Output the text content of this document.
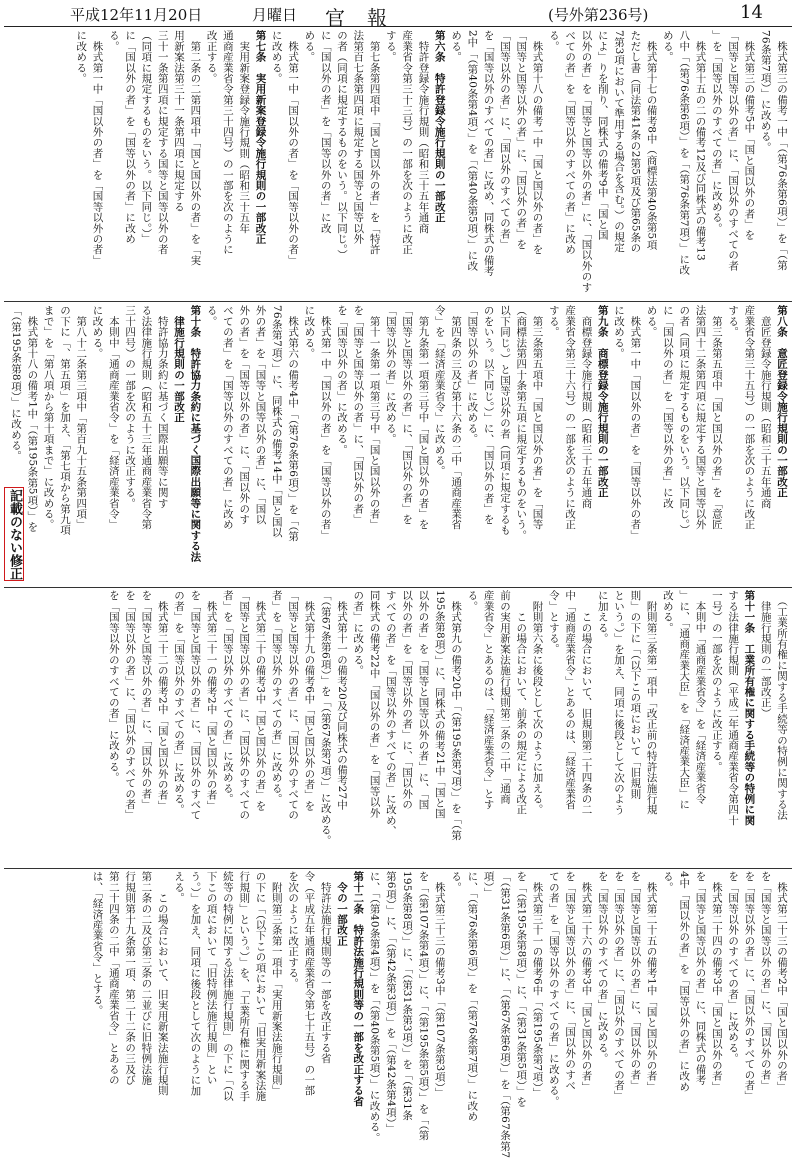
平成12年11月20日	月曜日 官報	(号外第236号)	14
　株式第三の備考一中「（第76条第6項）」を「（第
76条第7項）」に改める。
　株式第三の備考5中「国と国以外の者」を
「国等と国等以外の者」に、「国以外のすべての者
」を「国等以外のすべての者」に改める。
　株式第十五の二の備考12及び同株式の備考13
八中「（第76条第6項）」を「（第76条第7項）」に改
める。
　株式第十七の備考8中（商標法第40条第5項
ただし書（同法第41条の2第5項及び第65条の
7第3項において準用する場合を含む。）の規定
によ」りを削り、同株式の備考9中「国と国
以外の者」を「国等と国等以外の者」に、「国以外のす
べての者」を「国等以外のすべての者」に改め
る。
　株式第十八の備考一中「国と国以外の者」を
「国等と国等以外の者」に、「国以外の者」を
「国等以外の者」に、「国以外のすべての者」
を「国等以外のすべての者」に改め、同株式の備考
2中「（第40条第4項）」を「（第40条第5項）」に改
める。
第六条　特許登録令施行規則の一部改正
　特許登録令施行規則（昭和三十五年通商
産業省令第三十三号）の一部を次のように改正
する。
　第七条第四項中「国と国以外の者」を「特許
法第百七条第四項に規定する国等と国等以外
の者（同項に規定するものをいう。以下同じ。）
に「国以外の者」を「国等以外の者」に改
める。
　株式第一中「国以外の者」を「国等以外の者」
に改める。
第七条　実用新案登録令施行規則の一部改正
　実用新案登録令施行規則（昭和三十五年
通商産業省令第三十四号）の一部を次のように
改正する。
　第二条の二第四項中「国と国以外の者」を「実
用新案法第三十一条第四項に規定する
三十一条第四項に規定する国等と国等以外の者
（同項に規定するものをいう。以下同じ。）」
に「国以外の者」を「国等以外の者」に改め
る。
　株式第一中「国以外の者」を「国等以外の者」
に改める。
第八条　意匠登録令施行規則の一部改正
　意匠登録令施行規則（昭和三十五年通商
産業省令第三十五号）の一部を次のように改正
する。
　第三条第五項中「国と国以外の者」を「意匠
法第四十二条第四項に規定する国等と国等以外
の者（同項に規定するものをいう。以下同じ。）
に「国以外の者」を「国等以外の者」に改
める。
　株式第一中「国以外の者」を「国等以外の者」
に改める。
第九条　商標登録令施行規則の一部改正
　商標登録令施行規則（昭和三十五年通商
産業省令第三十六号）の一部を次のように改正
する。
　第三条第五項中「国と国以外の者」を「国等
（商標法第四十条第五項に規定するものをいう。
以下同じ。）と国等以外の者（同項に規定するも
のをいう。以下同じ。）」に、「国以外の者」を
「国等以外の者」に改める。
　第四条の三及び第十六条の二中「通商産業省
令」を「経済産業省令」に改める。
　第九条第一項第三号中「国と国以外の者」を
「国等と国等以外の者」に、「国以外の者」を
「国等以外の者」に改める。
　第十一条第一項第三号中「国と国以外の者」
を「国等と国等以外の者」に、「国以外の者」
を「国等以外の者」に改める。
　株式第一中「国以外の者」を「国等以外の者」
に改める。
　株式第六の備考4中「（第76条第6項）」を「（第
76条第7項）」に、同株式の備考14中「国と国以
外の者」を「国等と国等以外の者」に、「国以
外の者」を「国等以外の者」に、「国以外のす
べての者」を「国等以外のすべての者」に改め
る。
第十条　特許協力条約に基づく国際出願等に関する法
　律施行規則の一部改正
　特許協力条約に基づく国際出願等に関す
る法律施行規則（昭和五十三年通商産業省令第
三十四号）の一部を次のように改正する。
　本則中「通商産業省令」を「経済産業省令」
に改める。
　第八十二条第三項中「第百九十五条第四項」
の下に「、第五項」を加え、「第七項から第九項
まで」を「第八項から第十項まで」に改める。
　株式第十八の備考1中「（第195条第5項）」を
「（第195条第8項）」に改める。
　（工業所有権に関する手続等の特例に関する法
　律施行規則の一部改正）
第十一条　工業所有権に関する手続等の特例に関
する法律施行規則（平成二年通商産業省令第四十
一号）の一部を次のように改正する。
　本則中「通商産業省令」を「経済産業省令
」に、「通商産業大臣」を「経済産業大臣」に
改める。
　附則第三条第一項中「改正前の特許法施行規
則」の下に「（以下この項において「旧規則
という。）」を加え、同項に後段として次のよう
に加える。
　　この場合において、旧規則第二十四条の二
中「通商産業省令」とあるのは、「経済産業省
令」とする。
　附則第六条に後段として次のように加える。
　　この場合において、前条の規定による改正
前の実用新案法施行規則第二条の二中「通商
産業省令」とあるのは、「経済産業省令」とす
る。
　株式第九の備考20中「（第195条第7項）」を「（第
195条第8項）」に、同株式の備考21中「国と国
以外の者」を「国等と国等以外の者」に、「国
以外の者」を「国等以外の者」に、「国以外の
すべての者」を「国等以外のすべての者」に改め、
同株式の備考22中「国以外の者」を「国等以外
の者」に改める。
　株式第十一の備考20及び同株式の備考27中
「（第67条第6項）」を「（第67条第7項）」に改める。
　株式第十九の備考6中「国と国以外の者」を
「国等と国等以外の者」に、「国以外のすべての
者」を「国等以外のすべての者」に改める。
　株式第二十の備考3中「国と国以外の者」を
「国等と国等以外の者」に、「国以外のすべての
者」を「国等以外のすべての者」に改める。
　株式第二十一の備考2中「国と国以外の者」
を「国等と国等以外の者」に、「国以外のすべて
の者」を「国等以外のすべての者」に改める。
　株式第二十二の備考2中「国と国以外の者」
を「国等と国等以外の者」に、「国以外の者」
を「国等以外の者」に、「国以外のすべての者」
を「国等以外のすべての者」に改める。
　株式第二十三の備考2中「国と国以外の者」
を「国等と国等以外の者」に、「国以外の者」
を「国等以外の者」に、「国以外のすべての者」
を「国等以外のすべての者」に改める。
　株式第二十四の備考3中「国と国以外の者」
を「国等と国等以外の者」に、同株式の備考
4中「国以外の者」を「国等以外の者」に改め
る。
　株式第二十五の備考1中「国と国以外の者」
を「国等と国等以外の者」に、「国以外の者」
を「国等以外の者」に、「国以外のすべての者」
を「国等以外のすべての者」に改める。
　株式第二十六の備考3中「国と国以外の者」
を「国等と国等以外の者」に、「国以外のすべ
ての者」を「国等以外のすべての者」に改める。
　株式第三十一の備考6中「（第195条第7項）」
を「（第195条第8項）」に、「（第31条第5項）」を
「（第31条第6項）」に、「（第67条第6項）」を「（第67条第7項）」
に、「（第76条第6項）」を「（第76条第7項）」に改め
る。
　株式第三十三の備考3中「（第107条第3項）」
を「（第107条第4項）」に、「（第195条第5項）」を「（第
195条第8項）」に、「（第31条第3項）」を「（第31条
第6項）」に、「（第42条第3項）」を「（第42条第4項）」
に、「（第40条第4項）」を「（第40条第5項）」に改める。
第十二条　特許法施行規則等の一部を改正する省
　令の一部改正
　特許法施行規則等の一部を改正する省
令（平成五年通商産業省令第七十五号）の一部
を次のように改正する。
　附則第三条第一項中「実用新案法施行規則」
の下に「（以下この項において「旧実用新案法施
行規則」という。）」を、「工業所有権に関する手
続等の特例に関する法律施行規則」の下に「（以
下この項において「旧特例法施行規則」とい
う。）」を加え、同項に後段として次のように加
える。
　　この場合において、旧実用新案法施行規則
第二条の二及び第三条の二並びに旧特例法施
行規則第十九条第一項、第二十二条の三及び
第二十四条の二中「通商産業省令」とあるの
は、「経済産業省令」とする。
記載のない修正
